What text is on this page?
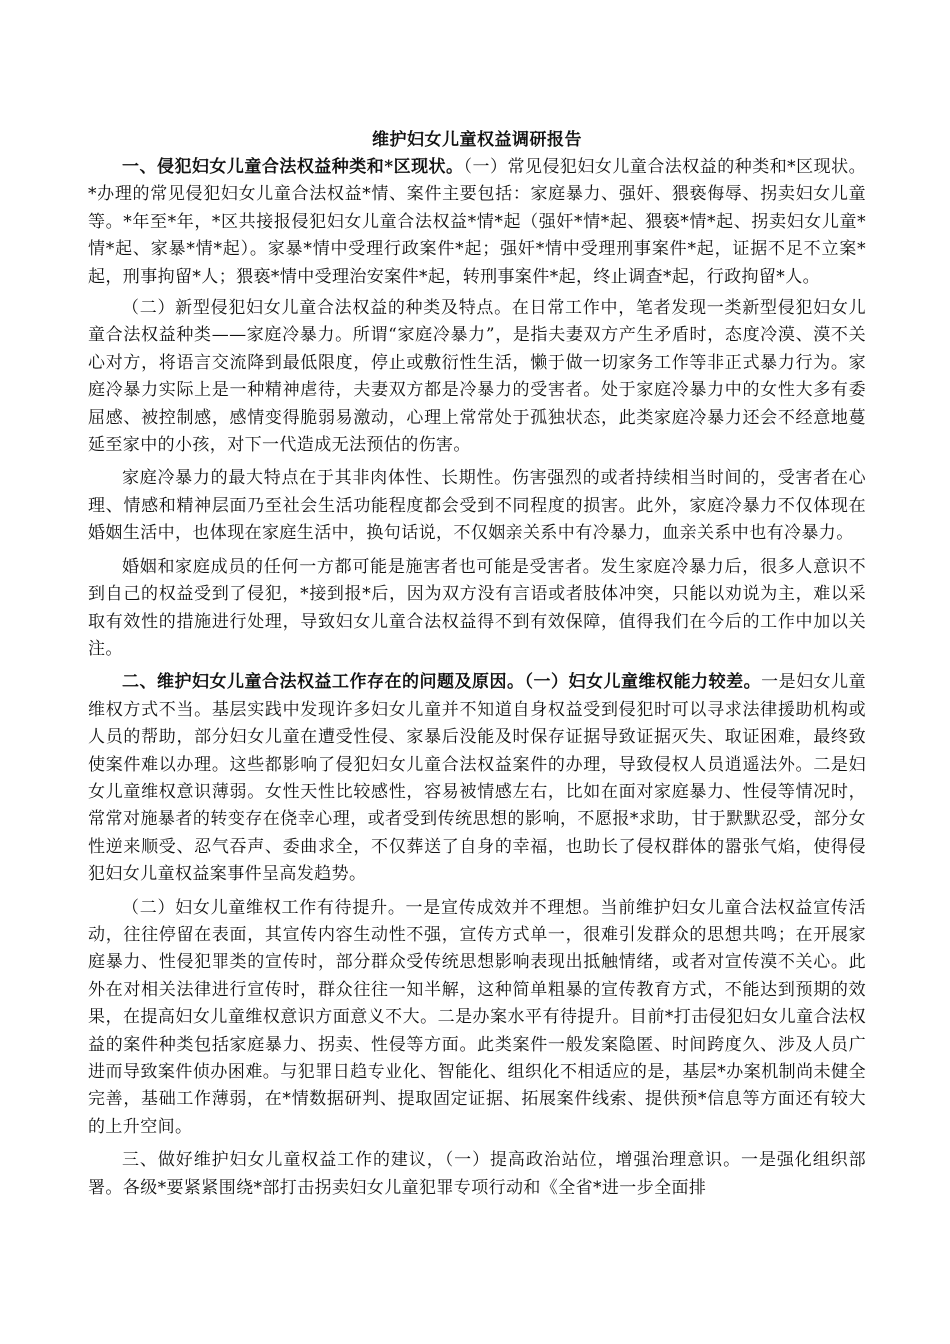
维护妇女儿童权益调研报告

一、侵犯妇女儿童合法权益种类和*区现状。（一）常见侵犯妇女儿童合法权益的种类和*区现状。*办理的常见侵犯妇女儿童合法权益*情、案件主要包括：家庭暴力、强奸、猥亵侮辱、拐卖妇女儿童等。*年至*年，*区共接报侵犯妇女儿童合法权益*情*起（强奸*情*起、猥亵*情*起、拐卖妇女儿童*情*起、家暴*情*起）。家暴*情中受理行政案件*起；强奸*情中受理刑事案件*起，证据不足不立案*起，刑事拘留*人；猥亵*情中受理治安案件*起，转刑事案件*起，终止调查*起，行政拘留*人。

（二）新型侵犯妇女儿童合法权益的种类及特点。在日常工作中，笔者发现一类新型侵犯妇女儿童合法权益种类——家庭冷暴力。所谓“家庭冷暴力”，是指夫妻双方产生矛盾时，态度冷漠、漠不关心对方，将语言交流降到最低限度，停止或敷衍性生活，懒于做一切家务工作等非正式暴力行为。家庭冷暴力实际上是一种精神虐待，夫妻双方都是冷暴力的受害者。处于家庭冷暴力中的女性大多有委屈感、被控制感，感情变得脆弱易激动，心理上常常处于孤独状态，此类家庭冷暴力还会不经意地蔓延至家中的小孩，对下一代造成无法预估的伤害。

家庭冷暴力的最大特点在于其非肉体性、长期性。伤害强烈的或者持续相当时间的，受害者在心理、情感和精神层面乃至社会生活功能程度都会受到不同程度的损害。此外，家庭冷暴力不仅体现在婚姻生活中，也体现在家庭生活中，换句话说，不仅姻亲关系中有冷暴力，血亲关系中也有冷暴力。

婚姻和家庭成员的任何一方都可能是施害者也可能是受害者。发生家庭冷暴力后，很多人意识不到自己的权益受到了侵犯，*接到报*后，因为双方没有言语或者肢体冲突，只能以劝说为主，难以采取有效性的措施进行处理，导致妇女儿童合法权益得不到有效保障，值得我们在今后的工作中加以关注。

二、维护妇女儿童合法权益工作存在的问题及原因。（一）妇女儿童维权能力较差。一是妇女儿童维权方式不当。基层实践中发现许多妇女儿童并不知道自身权益受到侵犯时可以寻求法律援助机构或人员的帮助，部分妇女儿童在遭受性侵、家暴后没能及时保存证据导致证据灭失、取证困难，最终致使案件难以办理。这些都影响了侵犯妇女儿童合法权益案件的办理，导致侵权人员逍遥法外。二是妇女儿童维权意识薄弱。女性天性比较感性，容易被情感左右，比如在面对家庭暴力、性侵等情况时，常常对施暴者的转变存在侥幸心理，或者受到传统思想的影响，不愿报*求助，甘于默默忍受，部分女性逆来顺受、忍气吞声、委曲求全，不仅葬送了自身的幸福，也助长了侵权群体的嚣张气焰，使得侵犯妇女儿童权益案事件呈高发趋势。

（二）妇女儿童维权工作有待提升。一是宣传成效并不理想。当前维护妇女儿童合法权益宣传活动，往往停留在表面，其宣传内容生动性不强，宣传方式单一，很难引发群众的思想共鸣；在开展家庭暴力、性侵犯罪类的宣传时，部分群众受传统思想影响表现出抵触情绪，或者对宣传漠不关心。此外在对相关法律进行宣传时，群众往往一知半解，这种简单粗暴的宣传教育方式，不能达到预期的效果，在提高妇女儿童维权意识方面意义不大。二是办案水平有待提升。目前*打击侵犯妇女儿童合法权益的案件种类包括家庭暴力、拐卖、性侵等方面。此类案件一般发案隐匿、时间跨度久、涉及人员广进而导致案件侦办困难。与犯罪日趋专业化、智能化、组织化不相适应的是，基层*办案机制尚未健全完善，基础工作薄弱，在*情数据研判、提取固定证据、拓展案件线索、提供预*信息等方面还有较大的上升空间。

三、做好维护妇女儿童权益工作的建议，（一）提高政治站位，增强治理意识。一是强化组织部署。各级*要紧紧围绕*部打击拐卖妇女儿童犯罪专项行动和《全省*进一步全面排
